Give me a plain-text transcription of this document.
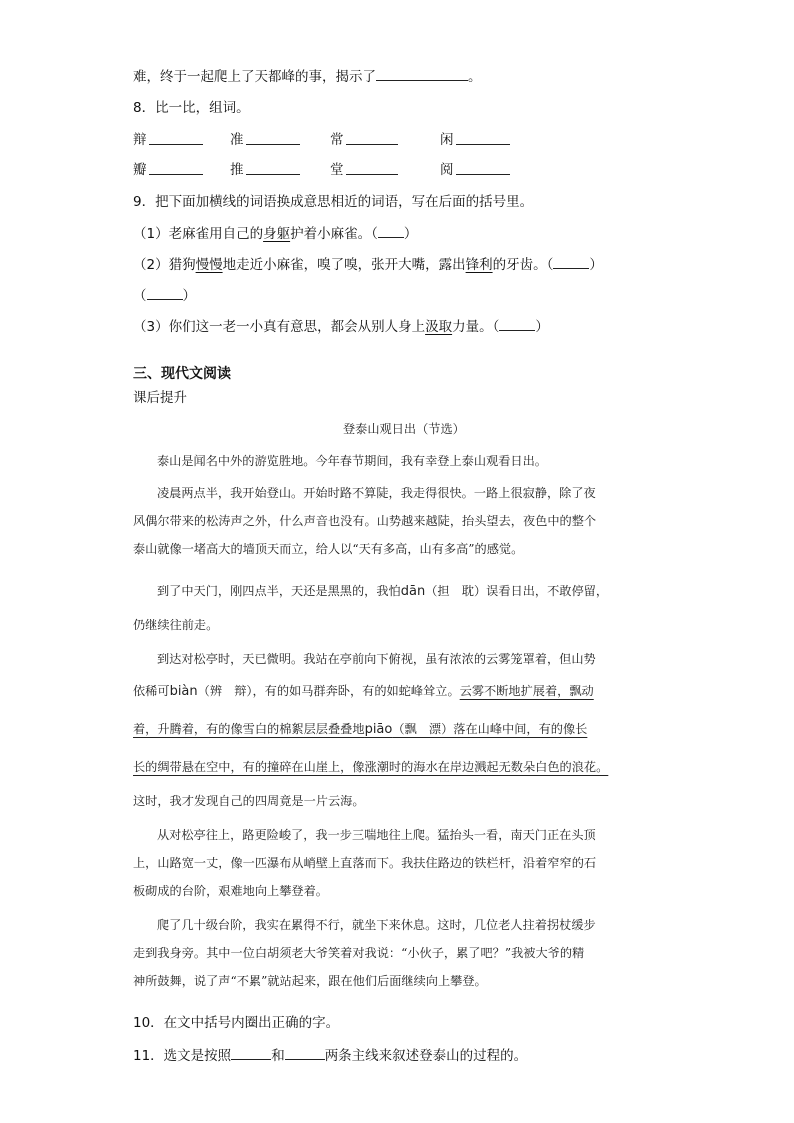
难，终于一起爬上了天都峰的事，揭示了	。
8．比一比，组词。
辩	准	常	闲
瓣	推	堂	阅
9．把下面加横线的词语换成意思相近的词语，写在后面的括号里。
（1）老麻雀用自己的身躯护着小麻雀。（ ）
（2）猎狗慢慢地走近小麻雀，嗅了嗅，张开大嘴，露出锋利的牙齿。（	）
（	）
（3）你们这一老一小真有意思，都会从别人身上汲取力量。（	）
三、现代文阅读
课后提升
登泰山观日出（节选）
泰山是闻名中外的游览胜地。今年春节期间，我有幸登上泰山观看日出。
凌晨两点半，我开始登山。开始时路不算陡，我走得很快。一路上很寂静，除了夜
风偶尔带来的松涛声之外，什么声音也没有。山势越来越陡，抬头望去，夜色中的整个
泰山就像一堵高大的墙顶天而立，给人以“天有多高，山有多高”的感觉。
到了中天门，刚四点半，天还是黑黑的，我怕dān（担　耽）误看日出，不敢停留，
仍继续往前走。
到达对松亭时，天已微明。我站在亭前向下俯视，虽有浓浓的云雾笼罩着，但山势
依稀可biàn（辨　辩），有的如马群奔卧，有的如蛇峰耸立。云雾不断地扩展着，飘动
着，升腾着，有的像雪白的棉絮层层叠叠地piāo（飘　漂）落在山峰中间，有的像长
长的绸带悬在空中，有的撞碎在山崖上，像涨潮时的海水在岸边溅起无数朵白色的浪花。
这时，我才发现自己的四周竟是一片云海。
从对松亭往上，路更险峻了，我一步三喘地往上爬。猛抬头一看，南天门正在头顶
上，山路宽一丈，像一匹瀑布从峭壁上直落而下。我扶住路边的铁栏杆，沿着窄窄的石
板砌成的台阶，艰难地向上攀登着。
爬了几十级台阶，我实在累得不行，就坐下来休息。这时，几位老人拄着拐杖缓步
走到我身旁。其中一位白胡须老大爷笑着对我说：“小伙子，累了吧？”我被大爷的精
神所鼓舞，说了声“不累”就站起来，跟在他们后面继续向上攀登。
10．在文中括号内圈出正确的字。
11．选文是按照	和	两条主线来叙述登泰山的过程的。
